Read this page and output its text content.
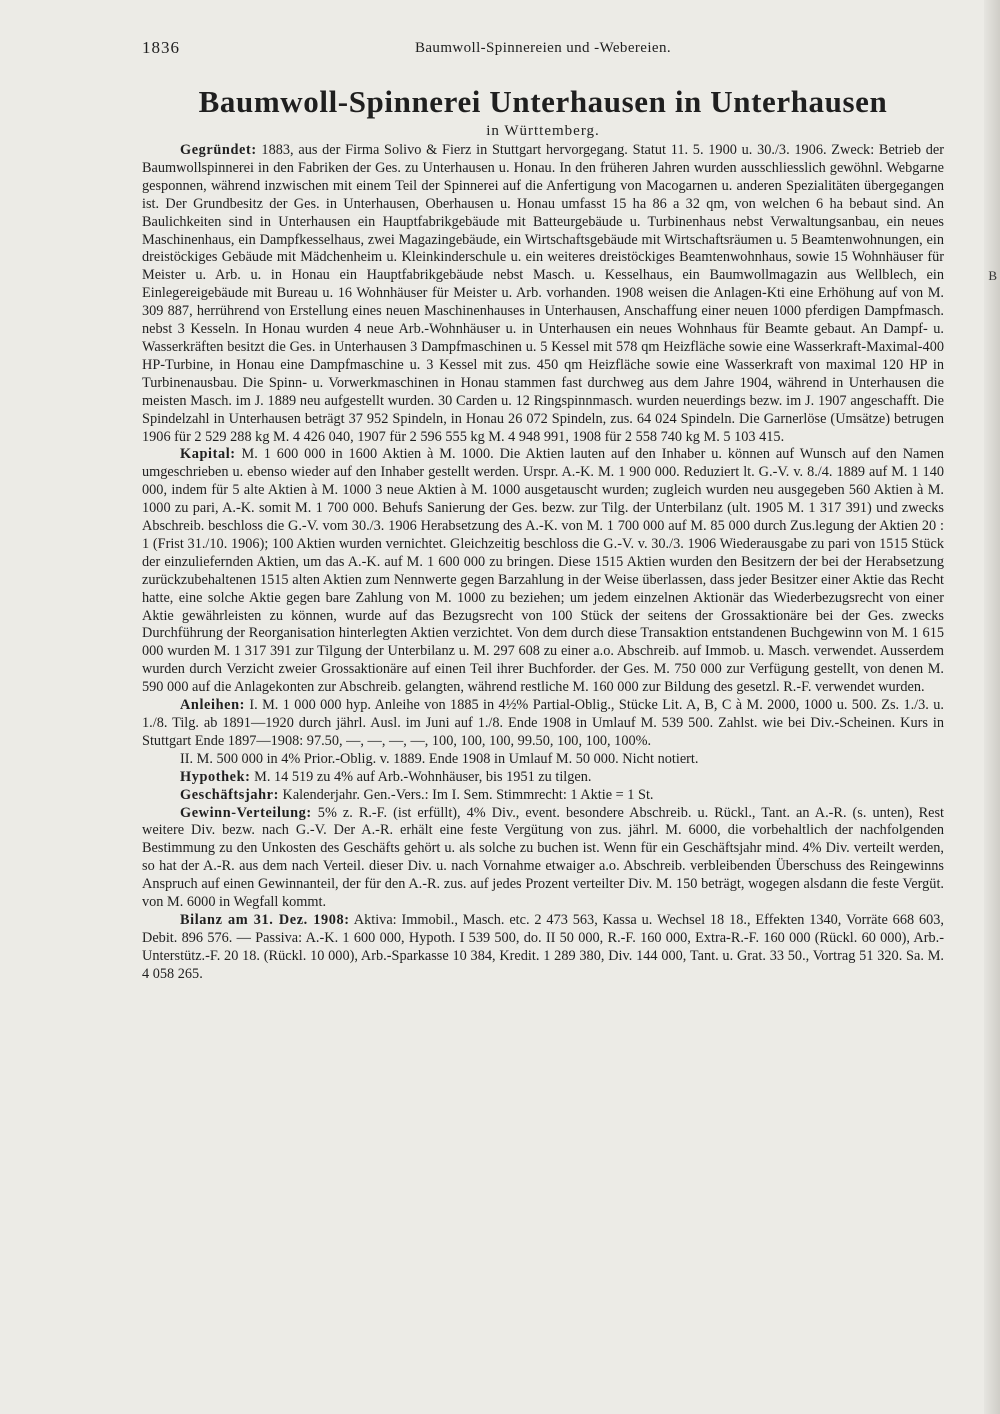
B
1836	Baumwoll-Spinnereien und -Webereien.
Baumwoll-Spinnerei Unterhausen in Unterhausen
in Württemberg.

Gegründet: 1883, aus der Firma Solivo & Fierz in Stuttgart hervorgegang. Statut 11. 5. 1900 u. 30./3. 1906. Zweck: Betrieb der Baumwollspinnerei in den Fabriken der Ges. zu Unterhausen u. Honau. In den früheren Jahren wurden ausschliesslich gewöhnl. Webgarne gesponnen, während inzwischen mit einem Teil der Spinnerei auf die Anfertigung von Macogarnen u. anderen Spezialitäten übergegangen ist. Der Grundbesitz der Ges. in Unterhausen, Oberhausen u. Honau umfasst 15 ha 86 a 32 qm, von welchen 6 ha bebaut sind. An Baulichkeiten sind in Unterhausen ein Hauptfabrikgebäude mit Batteurgebäude u. Turbinenhaus nebst Verwaltungsanbau, ein neues Maschinenhaus, ein Dampfkesselhaus, zwei Magazingebäude, ein Wirtschaftsgebäude mit Wirtschaftsräumen u. 5 Beamtenwohnungen, ein dreistöckiges Gebäude mit Mädchenheim u. Kleinkinderschule u. ein weiteres dreistöckiges Beamtenwohnhaus, sowie 15 Wohnhäuser für Meister u. Arb. u. in Honau ein Hauptfabrikgebäude nebst Masch. u. Kesselhaus, ein Baumwollmagazin aus Wellblech, ein Einlegereigebäude mit Bureau u. 16 Wohnhäuser für Meister u. Arb. vorhanden. 1908 weisen die Anlagen-Kti eine Erhöhung auf von M. 309 887, herrührend von Erstellung eines neuen Maschinenhauses in Unterhausen, Anschaffung einer neuen 1000 pferdigen Dampfmasch. nebst 3 Kesseln. In Honau wurden 4 neue Arb.-Wohnhäuser u. in Unterhausen ein neues Wohnhaus für Beamte gebaut. An Dampf- u. Wasserkräften besitzt die Ges. in Unterhausen 3 Dampfmaschinen u. 5 Kessel mit 578 qm Heizfläche sowie eine Wasserkraft-Maximal-400 HP-Turbine, in Honau eine Dampfmaschine u. 3 Kessel mit zus. 450 qm Heizfläche sowie eine Wasserkraft von maximal 120 HP in Turbinenausbau. Die Spinn- u. Vorwerkmaschinen in Honau stammen fast durchweg aus dem Jahre 1904, während in Unterhausen die meisten Masch. im J. 1889 neu aufgestellt wurden. 30 Carden u. 12 Ringspinnmasch. wurden neuerdings bezw. im J. 1907 angeschafft. Die Spindelzahl in Unterhausen beträgt 37 952 Spindeln, in Honau 26 072 Spindeln, zus. 64 024 Spindeln. Die Garnerlöse (Umsätze) betrugen 1906 für 2 529 288 kg M. 4 426 040, 1907 für 2 596 555 kg M. 4 948 991, 1908 für 2 558 740 kg M. 5 103 415.

Kapital: M. 1 600 000 in 1600 Aktien à M. 1000. Die Aktien lauten auf den Inhaber u. können auf Wunsch auf den Namen umgeschrieben u. ebenso wieder auf den Inhaber gestellt werden. Urspr. A.-K. M. 1 900 000. Reduziert lt. G.-V. v. 8./4. 1889 auf M. 1 140 000, indem für 5 alte Aktien à M. 1000 3 neue Aktien à M. 1000 ausgetauscht wurden; zugleich wurden neu ausgegeben 560 Aktien à M. 1000 zu pari, A.-K. somit M. 1 700 000. Behufs Sanierung der Ges. bezw. zur Tilg. der Unterbilanz (ult. 1905 M. 1 317 391) und zwecks Abschreib. beschloss die G.-V. vom 30./3. 1906 Herabsetzung des A.-K. von M. 1 700 000 auf M. 85 000 durch Zus.legung der Aktien 20 : 1 (Frist 31./10. 1906); 100 Aktien wurden vernichtet. Gleichzeitig beschloss die G.-V. v. 30./3. 1906 Wiederausgabe zu pari von 1515 Stück der einzuliefernden Aktien, um das A.-K. auf M. 1 600 000 zu bringen. Diese 1515 Aktien wurden den Besitzern der bei der Herabsetzung zurückzubehaltenen 1515 alten Aktien zum Nennwerte gegen Barzahlung in der Weise überlassen, dass jeder Besitzer einer Aktie das Recht hatte, eine solche Aktie gegen bare Zahlung von M. 1000 zu beziehen; um jedem einzelnen Aktionär das Wiederbezugsrecht von einer Aktie gewährleisten zu können, wurde auf das Bezugsrecht von 100 Stück der seitens der Grossaktionäre bei der Ges. zwecks Durchführung der Reorganisation hinterlegten Aktien verzichtet. Von dem durch diese Transaktion entstandenen Buchgewinn von M. 1 615 000 wurden M. 1 317 391 zur Tilgung der Unterbilanz u. M. 297 608 zu einer a.o. Abschreib. auf Immob. u. Masch. verwendet. Ausserdem wurden durch Verzicht zweier Grossaktionäre auf einen Teil ihrer Buchforder. der Ges. M. 750 000 zur Verfügung gestellt, von denen M. 590 000 auf die Anlagekonten zur Abschreib. gelangten, während restliche M. 160 000 zur Bildung des gesetzl. R.-F. verwendet wurden.

Anleihen: I. M. 1 000 000 hyp. Anleihe von 1885 in 4½% Partial-Oblig., Stücke Lit. A, B, C à M. 2000, 1000 u. 500. Zs. 1./3. u. 1./8. Tilg. ab 1891—1920 durch jährl. Ausl. im Juni auf 1./8. Ende 1908 in Umlauf M. 539 500. Zahlst. wie bei Div.-Scheinen. Kurs in Stuttgart Ende 1897—1908: 97.50, —, —, —, —, 100, 100, 100, 99.50, 100, 100, 100%.

II. M. 500 000 in 4% Prior.-Oblig. v. 1889. Ende 1908 in Umlauf M. 50 000. Nicht notiert.

Hypothek: M. 14 519 zu 4% auf Arb.-Wohnhäuser, bis 1951 zu tilgen.

Geschäftsjahr: Kalenderjahr. Gen.-Vers.: Im I. Sem. Stimmrecht: 1 Aktie = 1 St.

Gewinn-Verteilung: 5% z. R.-F. (ist erfüllt), 4% Div., event. besondere Abschreib. u. Rückl., Tant. an A.-R. (s. unten), Rest weitere Div. bezw. nach G.-V. Der A.-R. erhält eine feste Vergütung von zus. jährl. M. 6000, die vorbehaltlich der nachfolgenden Bestimmung zu den Unkosten des Geschäfts gehört u. als solche zu buchen ist. Wenn für ein Geschäftsjahr mind. 4% Div. verteilt werden, so hat der A.-R. aus dem nach Verteil. dieser Div. u. nach Vornahme etwaiger a.o. Abschreib. verbleibenden Überschuss des Reingewinns Anspruch auf einen Gewinnanteil, der für den A.-R. zus. auf jedes Prozent verteilter Div. M. 150 beträgt, wogegen alsdann die feste Vergüt. von M. 6000 in Wegfall kommt.

Bilanz am 31. Dez. 1908: Aktiva: Immobil., Masch. etc. 2 473 563, Kassa u. Wechsel 18 18., Effekten 1340, Vorräte 668 603, Debit. 896 576. — Passiva: A.-K. 1 600 000, Hypoth. I 539 500, do. II 50 000, R.-F. 160 000, Extra-R.-F. 160 000 (Rückl. 60 000), Arb.-Unterstütz.-F. 20 18. (Rückl. 10 000), Arb.-Sparkasse 10 384, Kredit. 1 289 380, Div. 144 000, Tant. u. Grat. 33 50., Vortrag 51 320. Sa. M. 4 058 265.
